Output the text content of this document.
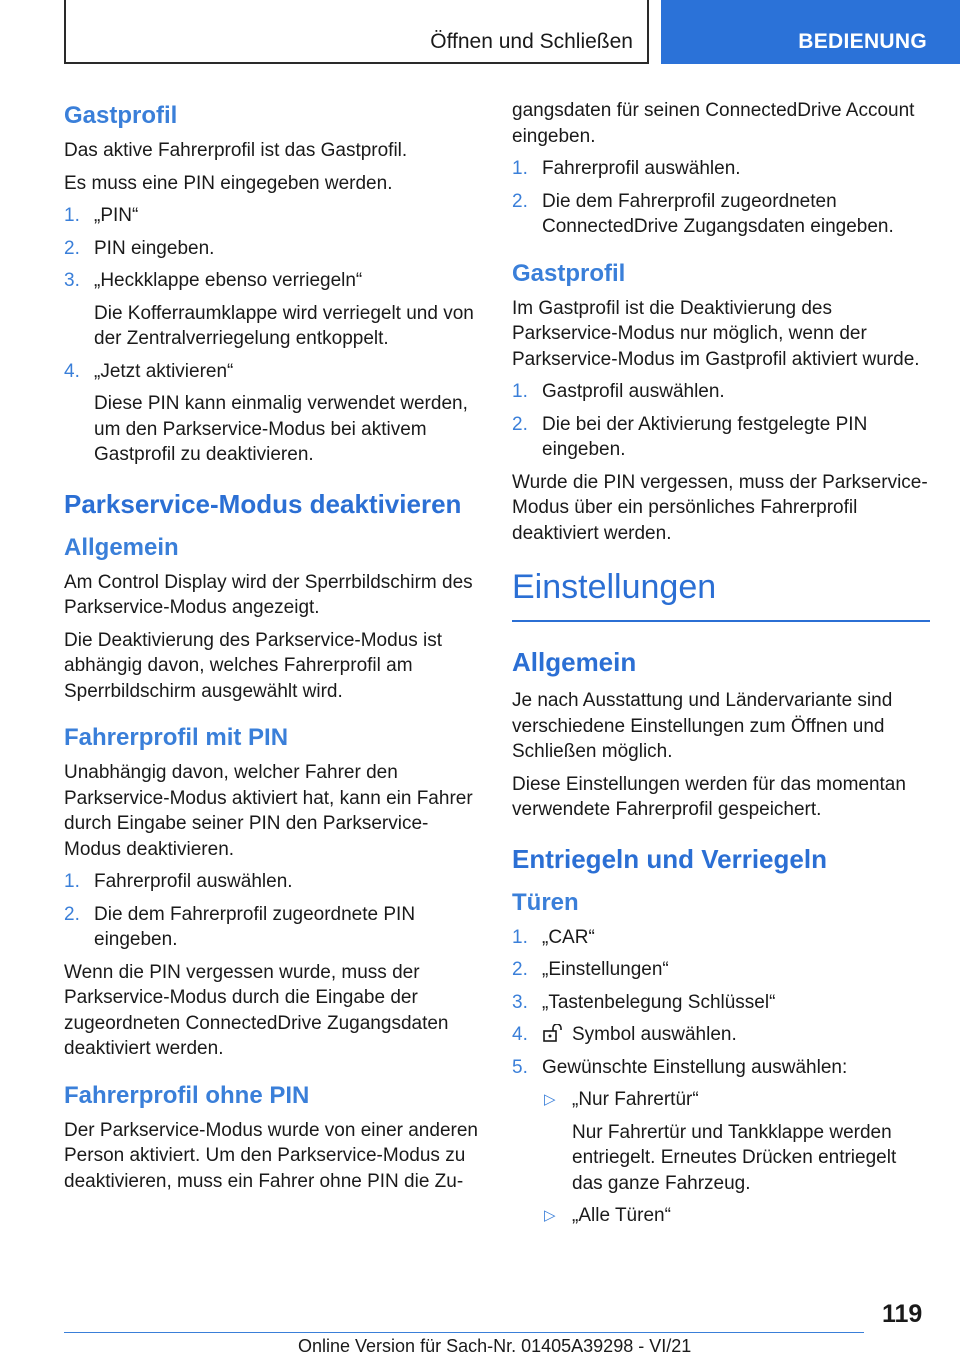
Öffnen und Schließen	BEDIENUNG
Gastprofil
Das aktive Fahrerprofil ist das Gastprofil.
Es muss eine PIN eingegeben werden.
1. „PIN“
2. PIN eingeben.
3. „Heckklappe ebenso verriegeln“
Die Kofferraumklappe wird verriegelt und von der Zentralverriegelung entkoppelt.
4. „Jetzt aktivieren“
Diese PIN kann einmalig verwendet werden, um den Parkservice-Modus bei aktivem Gastprofil zu deaktivieren.
Parkservice-Modus deaktivieren
Allgemein
Am Control Display wird der Sperrbildschirm des Parkservice-Modus angezeigt.
Die Deaktivierung des Parkservice-Modus ist abhängig davon, welches Fahrerprofil am Sperrbildschirm ausgewählt wird.
Fahrerprofil mit PIN
Unabhängig davon, welcher Fahrer den Parkservice-Modus aktiviert hat, kann ein Fahrer durch Eingabe seiner PIN den Parkservice-Modus deaktivieren.
1. Fahrerprofil auswählen.
2. Die dem Fahrerprofil zugeordnete PIN eingeben.
Wenn die PIN vergessen wurde, muss der Parkservice-Modus durch die Eingabe der zugeordneten ConnectedDrive Zugangsdaten deaktiviert werden.
Fahrerprofil ohne PIN
Der Parkservice-Modus wurde von einer anderen Person aktiviert. Um den Parkservice-Modus zu deaktivieren, muss ein Fahrer ohne PIN die Zu-
gangsdaten für seinen ConnectedDrive Account eingeben.
1. Fahrerprofil auswählen.
2. Die dem Fahrerprofil zugeordneten ConnectedDrive Zugangsdaten eingeben.
Gastprofil
Im Gastprofil ist die Deaktivierung des Parkservice-Modus nur möglich, wenn der Parkservice-Modus im Gastprofil aktiviert wurde.
1. Gastprofil auswählen.
2. Die bei der Aktivierung festgelegte PIN eingeben.
Wurde die PIN vergessen, muss der Parkservice-Modus über ein persönliches Fahrerprofil deaktiviert werden.
Einstellungen
Allgemein
Je nach Ausstattung und Ländervariante sind verschiedene Einstellungen zum Öffnen und Schließen möglich.
Diese Einstellungen werden für das momentan verwendete Fahrerprofil gespeichert.
Entriegeln und Verriegeln
Türen
1. „CAR“
2. „Einstellungen“
3. „Tastenbelegung Schlüssel“
4. Symbol auswählen.
5. Gewünschte Einstellung auswählen:
▷ „Nur Fahrertür“
Nur Fahrertür und Tankklappe werden entriegelt. Erneutes Drücken entriegelt das ganze Fahrzeug.
▷ „Alle Türen“
119
Online Version für Sach-Nr. 01405A39298 - VI/21
